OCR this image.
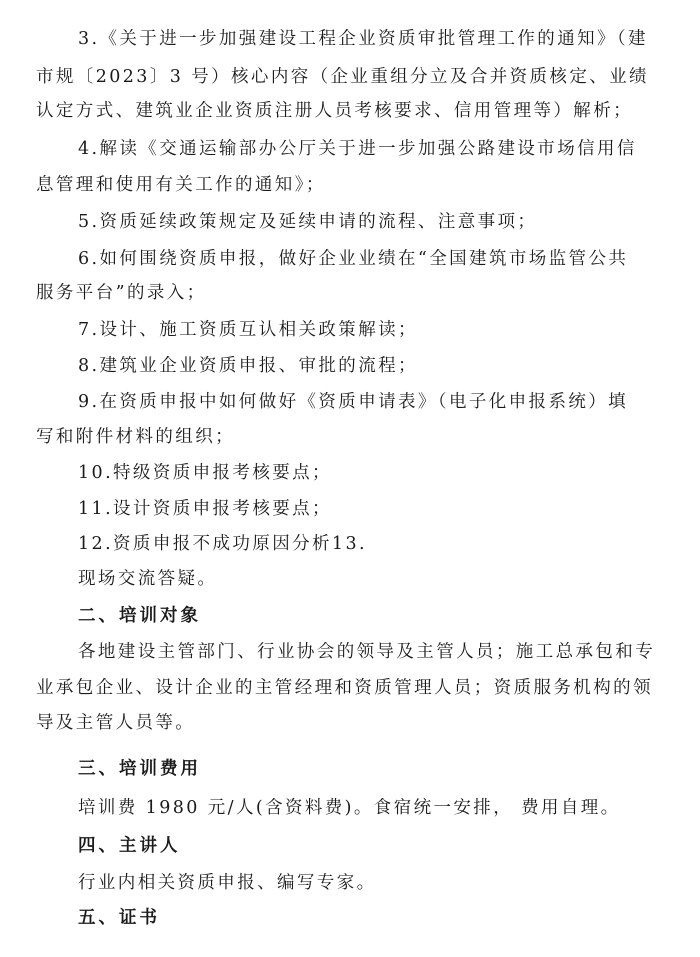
3.《关于进一步加强建设工程企业资质审批管理工作的通知》（建
市规〔2023〕3 号）核心内容（企业重组分立及合并资质核定、业绩
认定方式、建筑业企业资质注册人员考核要求、信用管理等）解析；
4.解读《交通运输部办公厅关于进一步加强公路建设市场信用信
息管理和使用有关工作的通知》；
5.资质延续政策规定及延续申请的流程、注意事项；
6.如何围绕资质申报，做好企业业绩在“全国建筑市场监管公共
服务平台”的录入；
7.设计、施工资质互认相关政策解读；
8.建筑业企业资质申报、审批的流程；
9.在资质申报中如何做好《资质申请表》（电子化申报系统）填
写和附件材料的组织；
10.特级资质申报考核要点；
11.设计资质申报考核要点；
12.资质申报不成功原因分析13.
现场交流答疑。
二、培训对象
各地建设主管部门、行业协会的领导及主管人员；施工总承包和专
业承包企业、设计企业的主管经理和资质管理人员；资质服务机构的领
导及主管人员等。
三、培训费用
培训费 1980 元/人(含资料费)。食宿统一安排， 费用自理。
四、主讲人
行业内相关资质申报、编写专家。
五、证书
